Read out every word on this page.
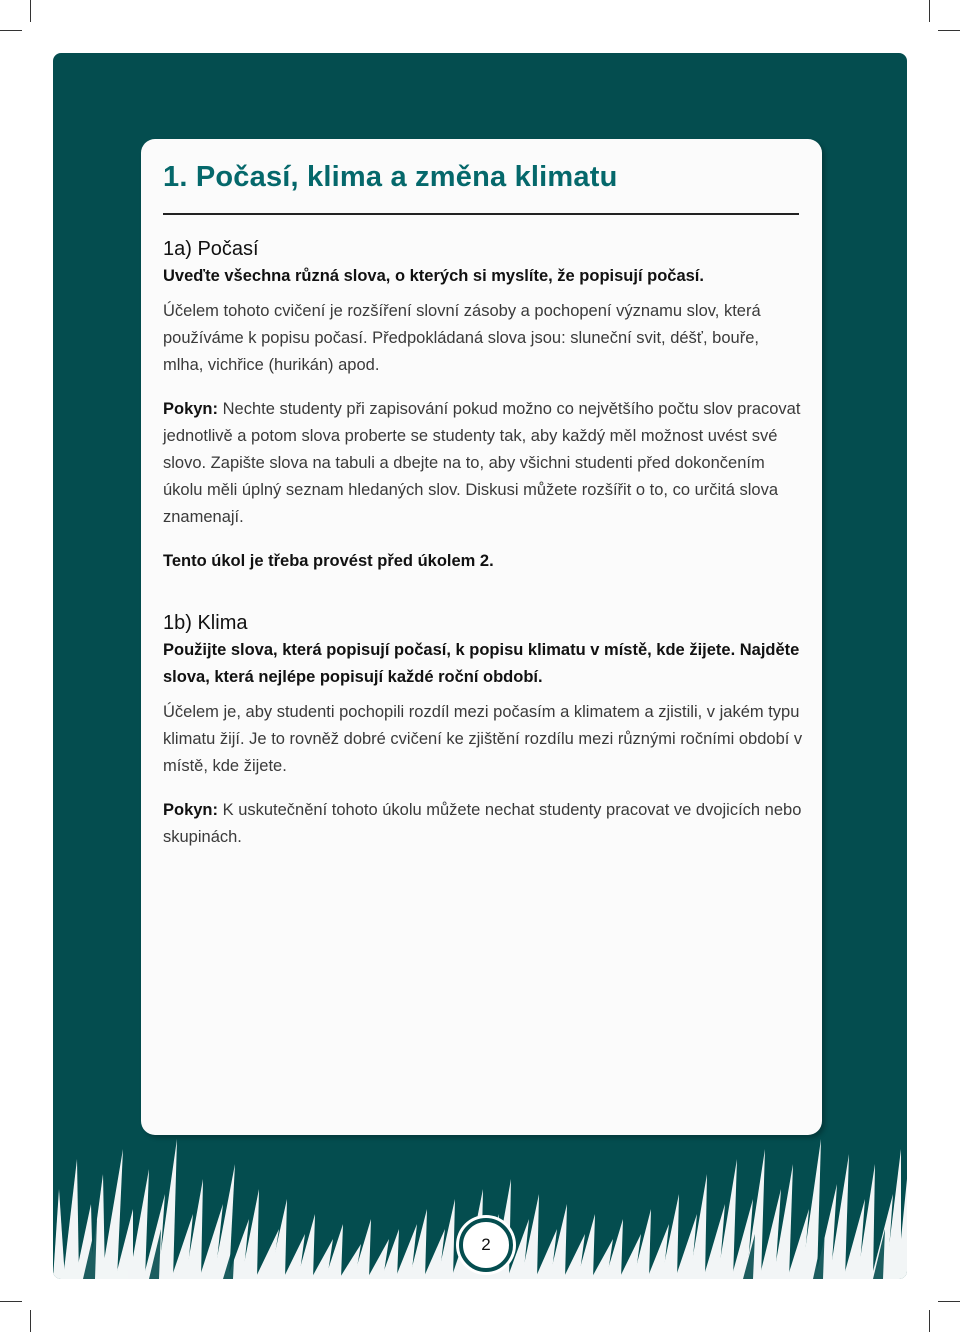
1. Počasí, klima a změna klimatu
1a) Počasí

Uveďte všechna různá slova, o kterých si myslíte, že popisují počasí.

Účelem tohoto cvičení je rozšíření slovní zásoby a pochopení významu slov, která používáme k popisu počasí. Předpokládaná slova jsou: sluneční svit, déšť, bouře, mlha, vichřice (hurikán) apod.

Pokyn: Nechte studenty při zapisování pokud možno co největšího počtu slov pracovat jednotlivě a potom slova proberte se studenty tak, aby každý měl možnost uvést své slovo. Zapište slova na tabuli a dbejte na to, aby všichni studenti před dokončením úkolu měli úplný seznam hledaných slov. Diskusi můžete rozšířit o to, co určitá slova znamenají.

Tento úkol je třeba provést před úkolem 2.

1b) Klima

Použijte slova, která popisují počasí, k popisu klimatu v místě, kde žijete. Najděte slova, která nejlépe popisují každé roční období.

Účelem je, aby studenti pochopili rozdíl mezi počasím a klimatem a zjistili, v jakém typu klimatu žijí. Je to rovněž dobré cvičení ke zjištění rozdílu mezi různými ročními období v místě, kde žijete.

Pokyn: K uskutečnění tohoto úkolu můžete nechat studenty pracovat ve dvojicích nebo skupinách.

2
